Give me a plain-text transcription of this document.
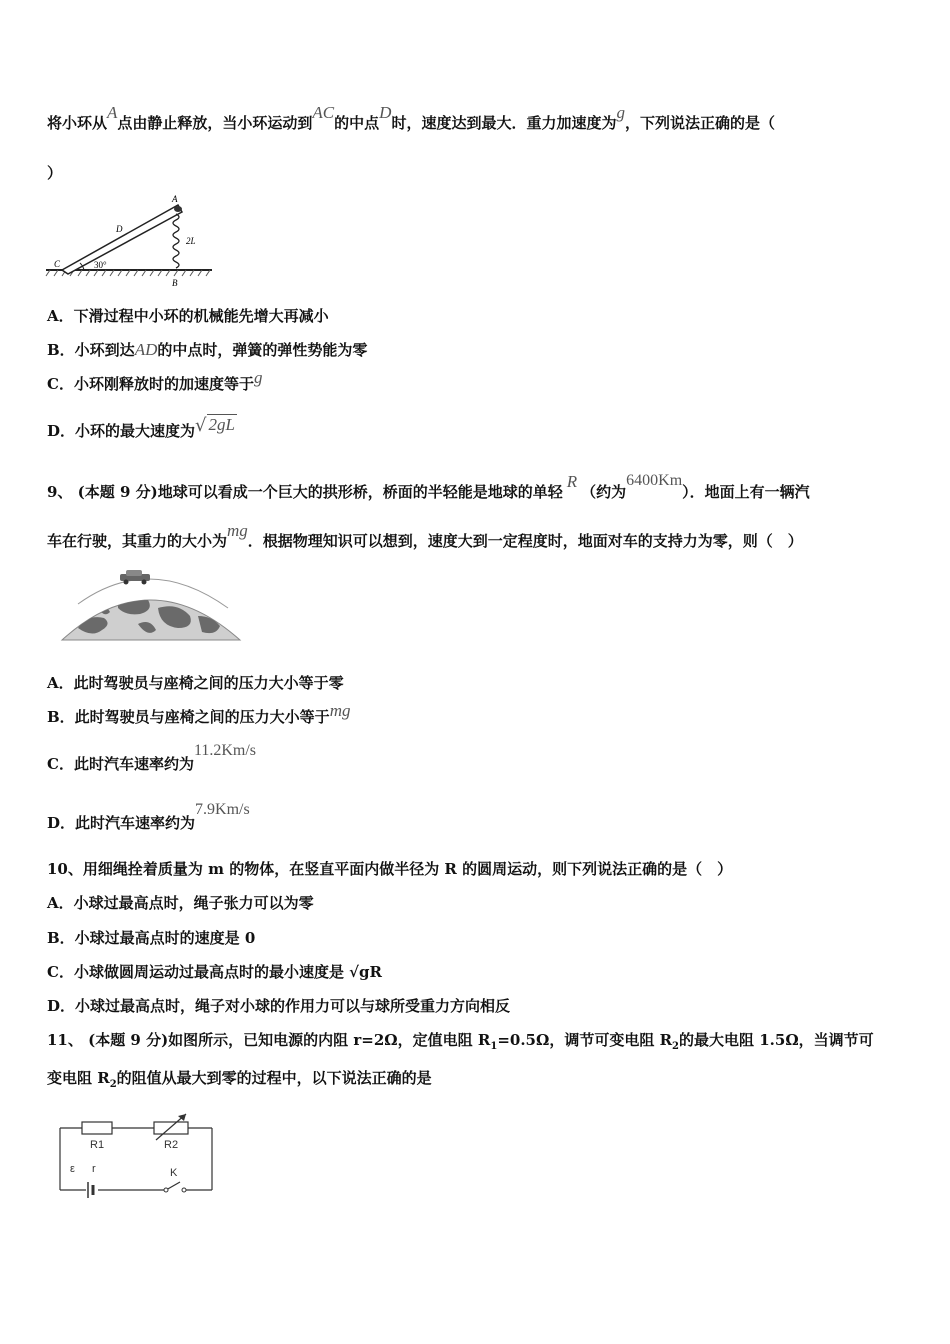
将小环从A点由静止释放，当小环运动到AC的中点D时，速度达到最大．重力加速度为g，下列说法正确的是（
）
A
D
C	30°
2L
B
A．下滑过程中小环的机械能先增大再减小
B．小环到达AD的中点时，弹簧的弹性势能为零
C．小环刚释放时的加速度等于g
D．小环的最大速度为√ 2gL
9、 (本题 9 分)地球可以看成一个巨大的拱形桥，桥面的半轻能是地球的单轻R（约为6400Km）．地面上有一辆汽
车在行驶，其重力的大小为mg．根据物理知识可以想到，速度大到一定程度时，地面对车的支持力为零，则（　）
A．此时驾驶员与座椅之间的压力大小等于零
B．此时驾驶员与座椅之间的压力大小等于mg
C．此时汽车速率约为11.2Km/s
D．此时汽车速率约为7.9Km/s
10、用细绳拴着质量为 m 的物体，在竖直平面内做半径为 R 的圆周运动，则下列说法正确的是（　）
A．小球过最高点时，绳子张力可以为零
B．小球过最高点时的速度是 0
C．小球做圆周运动过最高点时的最小速度是 √gR
D．小球过最高点时，绳子对小球的作用力可以与球所受重力方向相反
11、 (本题 9 分)如图所示，已知电源的内阻 r=2Ω，定值电阻 $R_1=0.5\Omega$，调节可变电阻 $R_2$的最大电阻 1.5Ω，当调节可
变电阻 $R_2$的阻值从最大到零的过程中，以下说法正确的是
R1	R2
ε r	K
